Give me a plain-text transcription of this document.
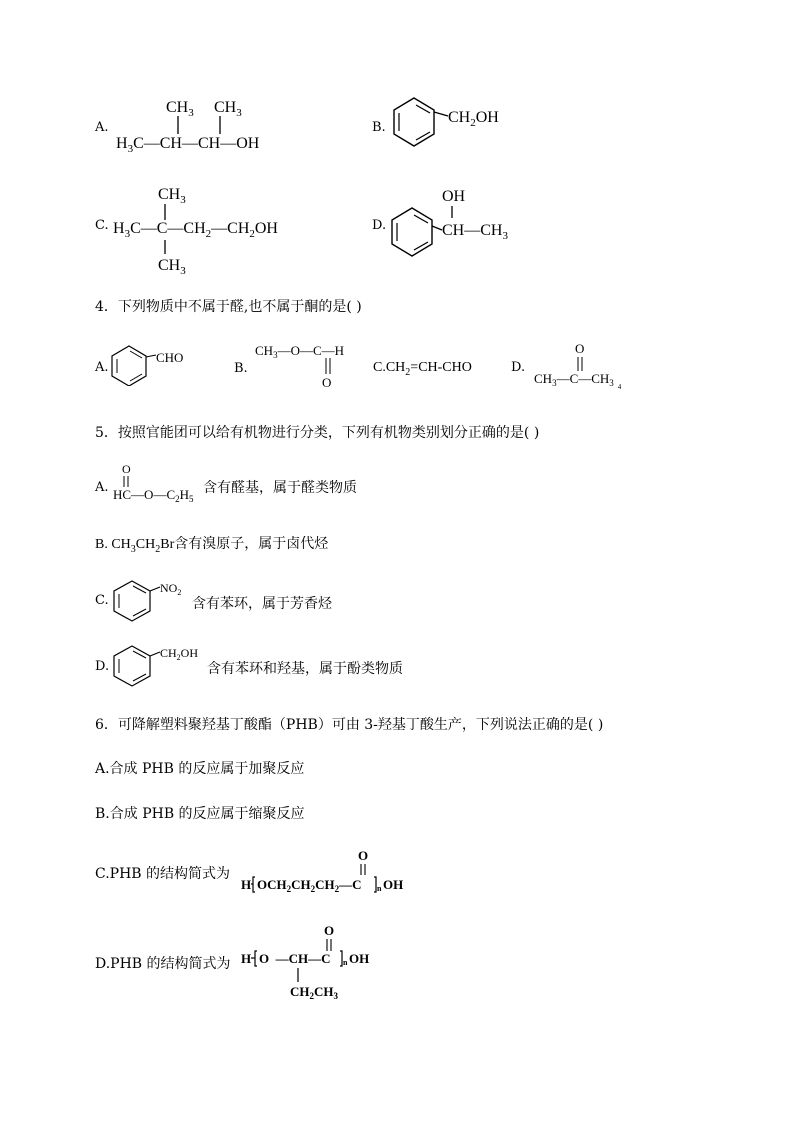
A.
$CH_3$ $CH_3$
$H_3C—CH—CH—OH$
B.
$CH_2OH$
C.
$CH_3$
$H_3C—C—CH_2—CH_2OH$
$CH_3$
D.
OH
$CH—CH_3$
4．下列物质中不属于醛,也不属于酮的是( )
A.
CHO
B.
$CH_3—O—C—H$
O
$C.CH_2=CH$-CHO	D.
O
$CH_3—C—CH_3$ $_4$
5．按照官能团可以给有机物进行分类，下列有机物类别划分正确的是( )
A.
O
$HC—O—C_2H_5$
含有醛基，属于醛类物质
B. $CH_3CH_2Br$含有溴原子，属于卤代烃
C.
$NO_2$
含有苯环，属于芳香烃
D.
$CH_2OH$
含有苯环和羟基，属于酚类物质
6．可降解塑料聚羟基丁酸酯（PHB）可由 3-羟基丁酸生产，下列说法正确的是( )
A.合成 PHB 的反应属于加聚反应
B.合成 PHB 的反应属于缩聚反应
C.PHB 的结构简式为
O
H $OCH_2CH_2CH_2—C$ n OH
D.PHB 的结构简式为
O
H O  —CH—C n OH
$CH_2CH_3$
